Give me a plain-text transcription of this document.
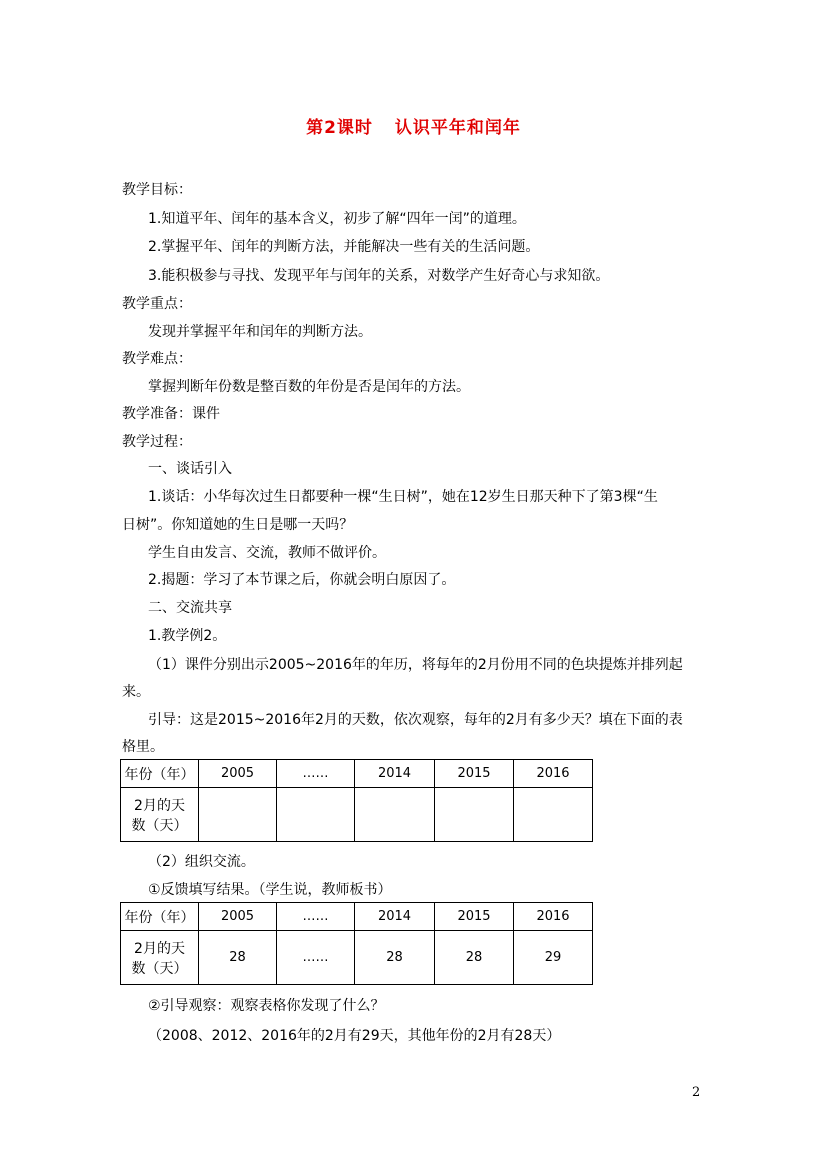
第2课时 认识平年和闰年
教学目标：
1.知道平年、闰年的基本含义，初步了解“四年一闰”的道理。
2.掌握平年、闰年的判断方法，并能解决一些有关的生活问题。
3.能积极参与寻找、发现平年与闰年的关系，对数学产生好奇心与求知欲。
教学重点：
发现并掌握平年和闰年的判断方法。
教学难点：
掌握判断年份数是整百数的年份是否是闰年的方法。
教学准备：课件
教学过程：
一、谈话引入
1.谈话：小华每次过生日都要种一棵“生日树”，她在12岁生日那天种下了第3棵“生
日树”。你知道她的生日是哪一天吗？
学生自由发言、交流，教师不做评价。
2.揭题：学习了本节课之后，你就会明白原因了。
二、交流共享
1.教学例2。
（1）课件分别出示2005~2016年的年历，将每年的2月份用不同的色块提炼并排列起
来。
引导：这是2015~2016年2月的天数，依次观察，每年的2月有多少天？填在下面的表
格里。
年份（年）	2005	……	2014	2015	2016
2月的天
数（天）					
（2）组织交流。
①反馈填写结果。（学生说，教师板书）
年份（年）	2005	……	2014	2015	2016
2月的天
数（天）	28	……	28	28	29
②引导观察：观察表格你发现了什么？
（2008、2012、2016年的2月有29天，其他年份的2月有28天）
2
